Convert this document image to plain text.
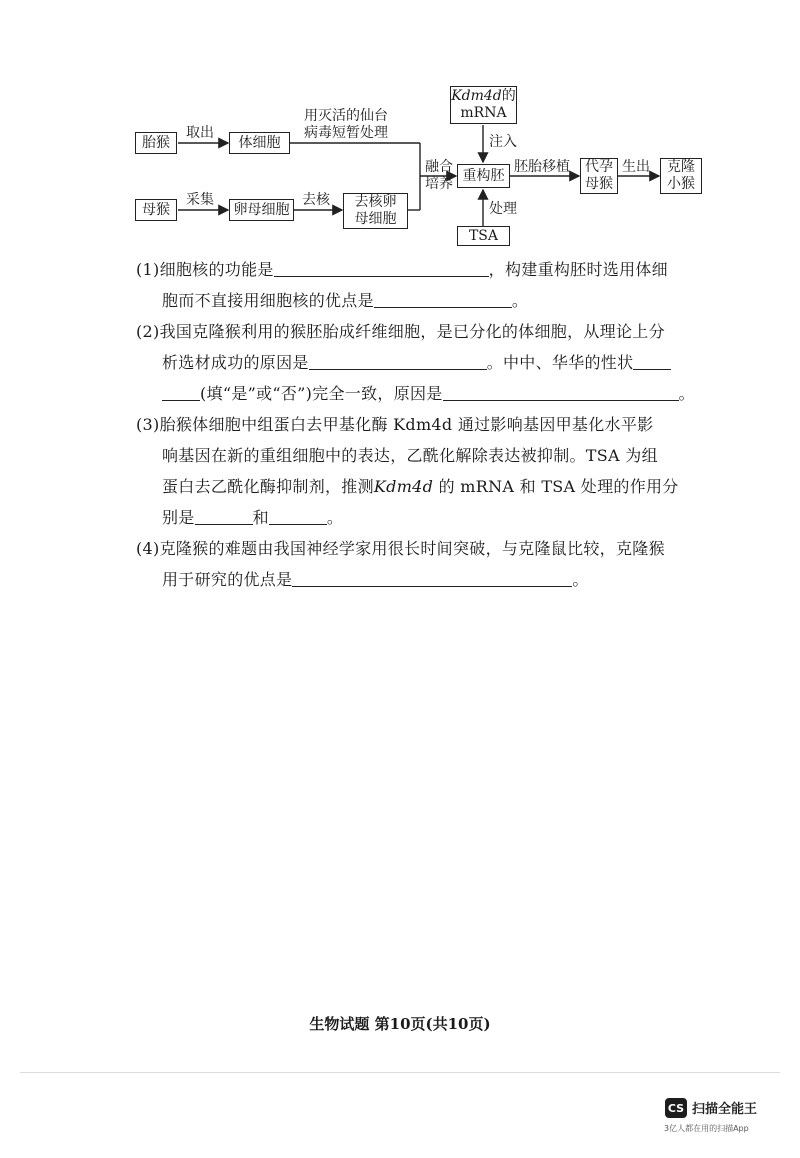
胎猴	体细胞
母猴	卵母细胞	去核卵
母细胞
Kdm4d的
mRNA
重构胚
TSA
代孕
母猴
克隆
小猴
取出
用灭活的仙台
病毒短暂处理
采集	去核
融合
培养
注入
处理
胚胎移植	生出
(1)细胞核的功能是	，构建重构胚时选用体细
胞而不直接用细胞核的优点是	。
(2)我国克隆猴利用的猴胚胎成纤维细胞，是已分化的体细胞，从理论上分
析选材成功的原因是	。中中、华华的性状
(填“是”或“否”)完全一致，原因是	。
(3)胎猴体细胞中组蛋白去甲基化酶 Kdm4d 通过影响基因甲基化水平影
响基因在新的重组细胞中的表达，乙酰化解除表达被抑制。TSA 为组
蛋白去乙酰化酶抑制剂，推测Kdm4d 的 mRNA 和 TSA 处理的作用分
别是	和	。
(4)克隆猴的难题由我国神经学家用很长时间突破，与克隆鼠比较，克隆猴
用于研究的优点是	。
生物试题 第10页(共10页)
CS 扫描全能王
3亿人都在用的扫描App
